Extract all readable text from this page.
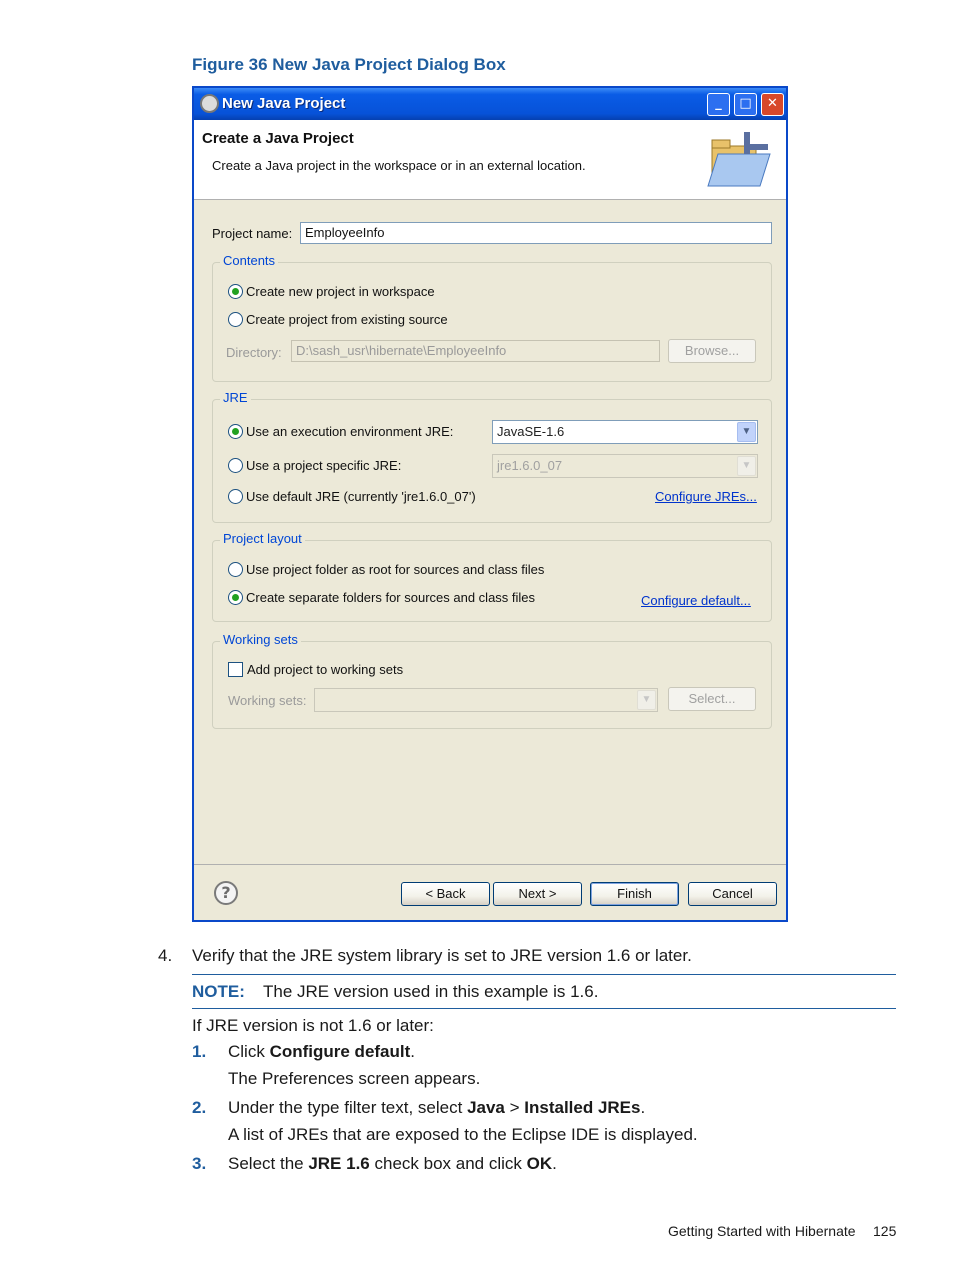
Figure 36 New Java Project Dialog Box
New Java Project	_	□	✕
Create a Java Project
Create a Java project in the workspace or in an external location.
Project name: EmployeeInfo
Contents
Create new project in workspace
Create project from existing source
Directory:	D:\sash_usr\hibernate\EmployeeInfo	Browse...
JRE
Use an execution environment JRE:	JavaSE-1.6	▼
Use a project specific JRE:	jre1.6.0_07	▼
Use default JRE (currently 'jre1.6.0_07')	Configure JREs...
Project layout
Use project folder as root for sources and class files
Create separate folders for sources and class files	Configure default...
Working sets
Add project to working sets
Working sets:	▼	Select...
?	< Back	Next >	Finish	Cancel
4. Verify that the JRE system library is set to JRE version 1.6 or later.
NOTE: The JRE version used in this example is 1.6.
If JRE version is not 1.6 or later:
1. Click Configure default.
The Preferences screen appears.
2. Under the type filter text, select Java > Installed JREs.
A list of JREs that are exposed to the Eclipse IDE is displayed.
3. Select the JRE 1.6 check box and click OK.
Getting Started with Hibernate 125
